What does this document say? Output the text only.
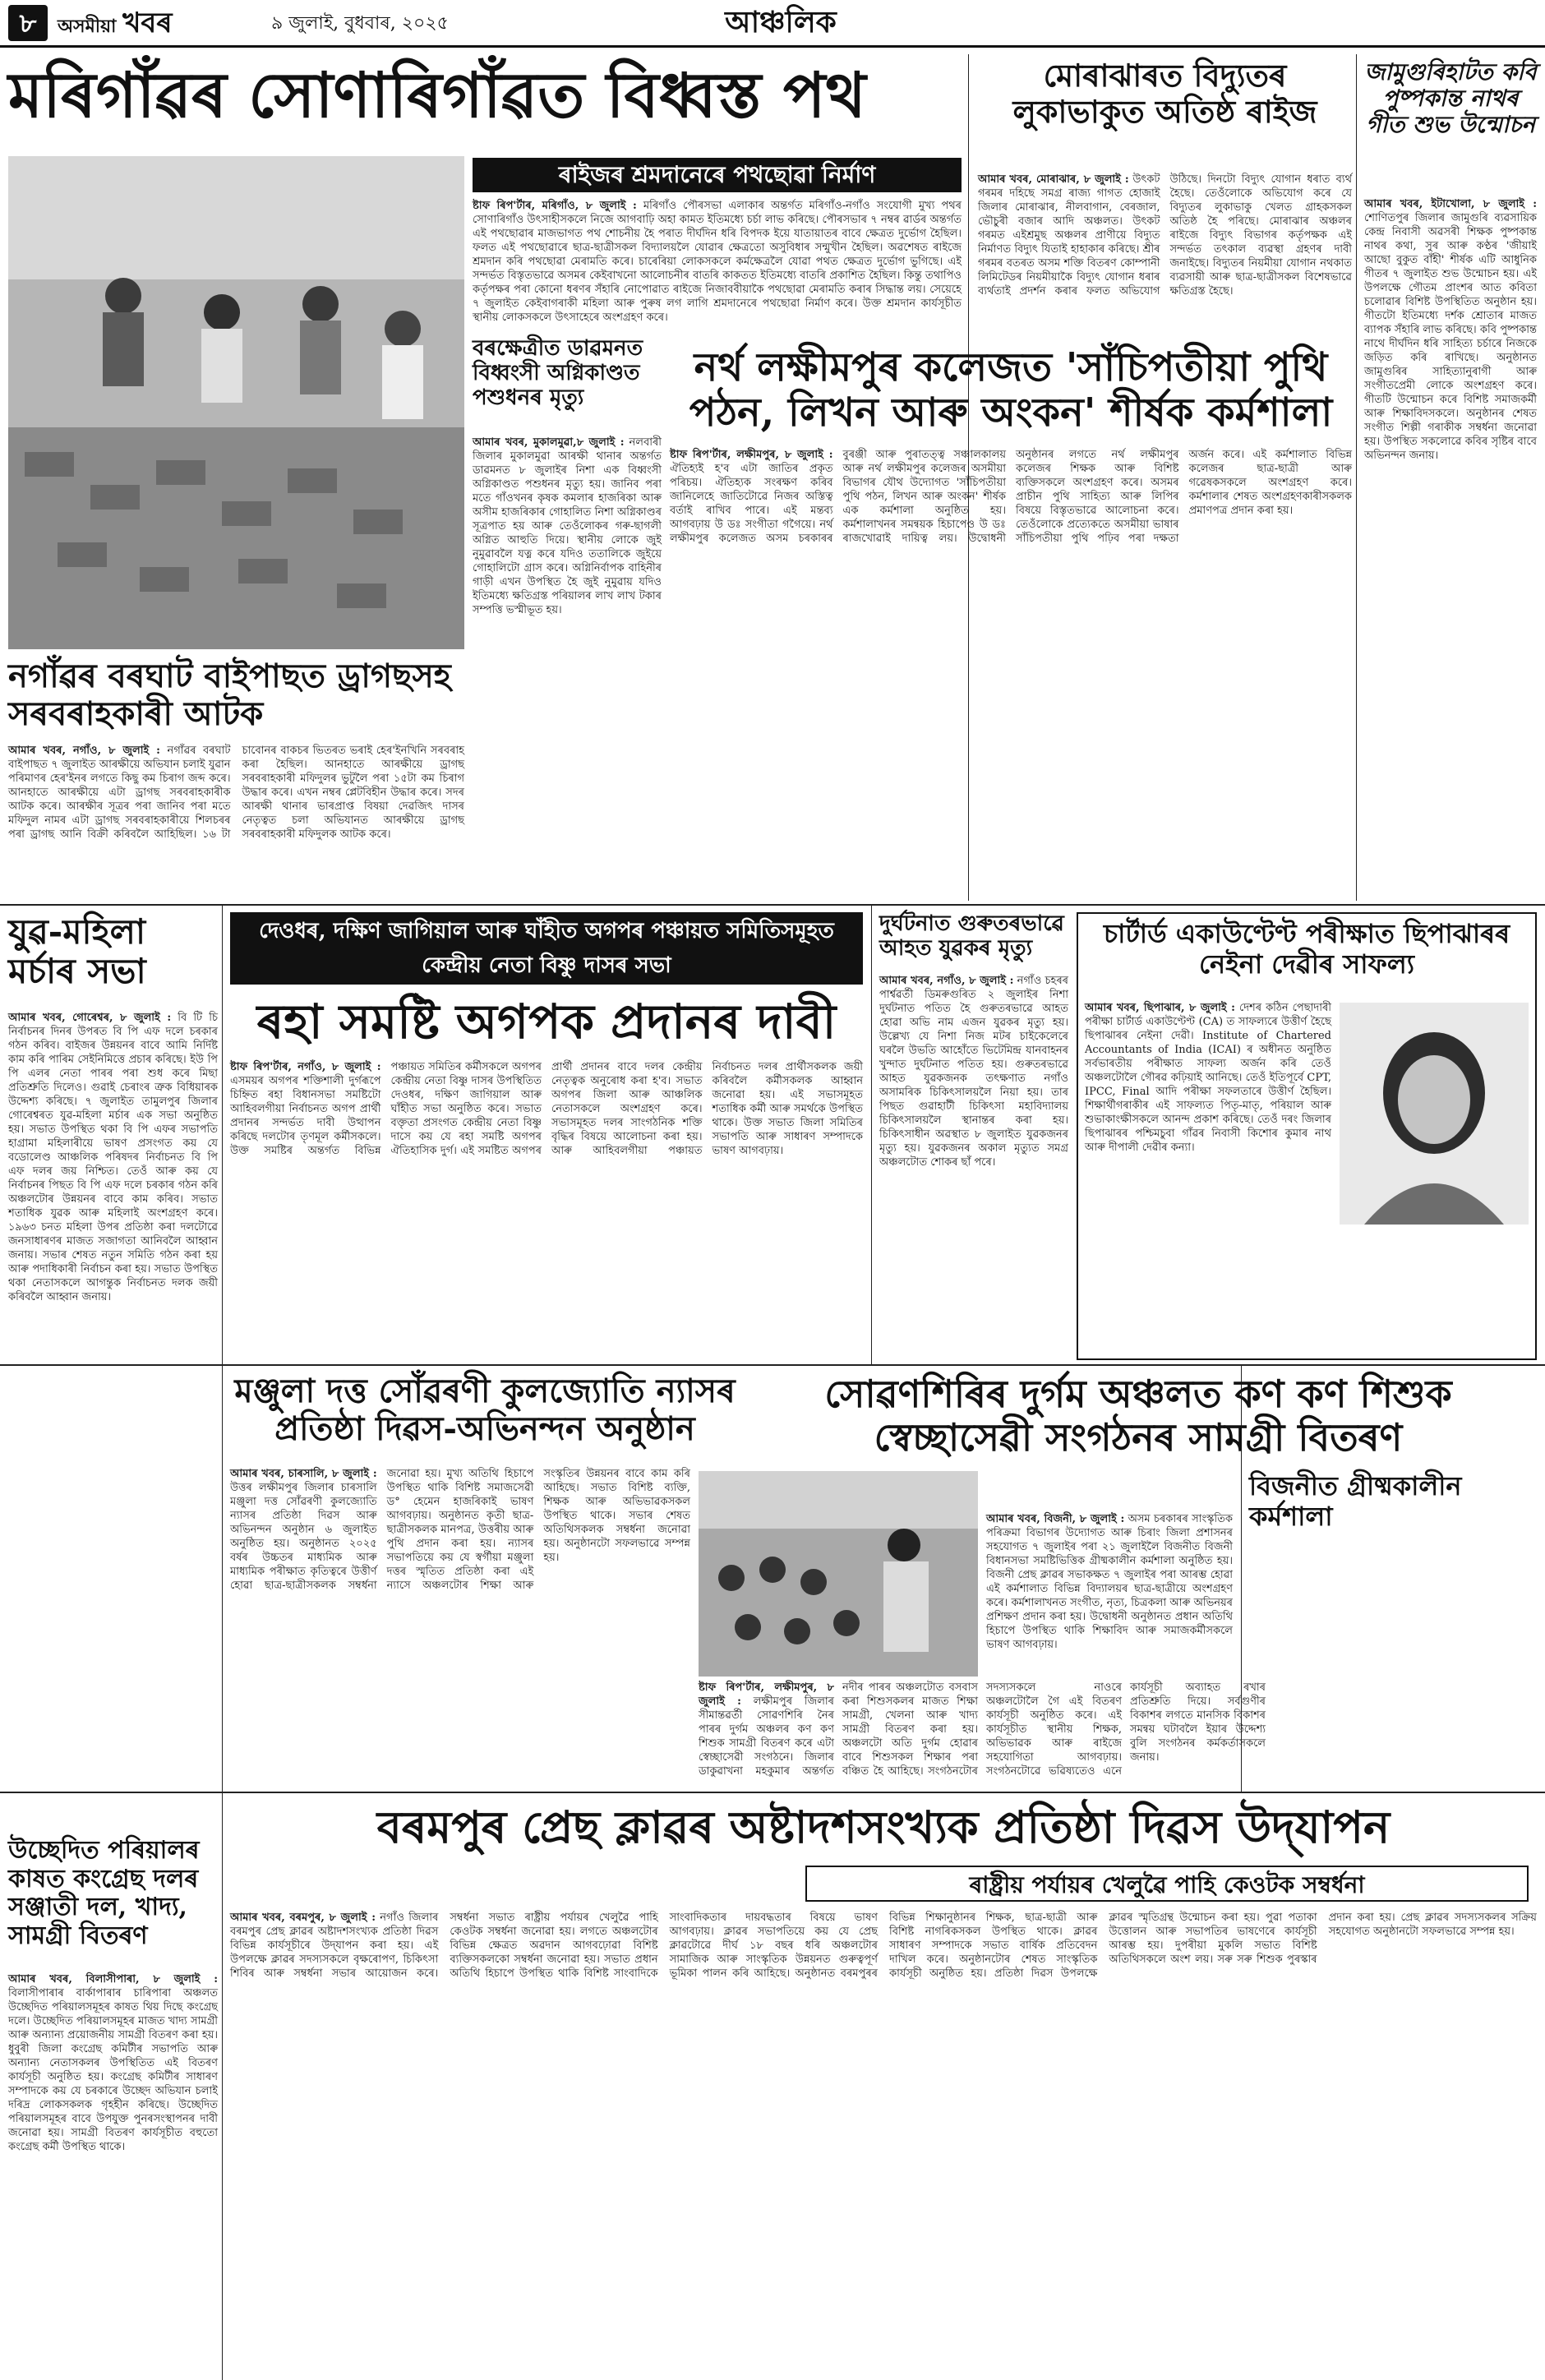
৮	অসমীয়া খবৰ	৯ জুলাই, বুধবাৰ, ২০২৫	আঞ্চলিক
মৰিগাঁৱৰ সোণাৰিগাঁৱত বিধ্বস্ত পথ
ৰাইজৰ শ্ৰমদানেৰে পথছোৱা নিৰ্মাণ
ষ্টাফ ৰিপ'ৰ্টাৰ, মৰিগাঁও, ৮ জুলাই : মৰিগাঁও পৌৰসভা এলাকাৰ অন্তৰ্গত মৰিগাঁও-নগাঁও সংযোগী মুখ্য পথৰ সোণাৰিগাঁও উৎসাহীসকলে নিজে আগবাঢ়ি অহা কামত ইতিমধ্যে চৰ্চা লাভ কৰিছে। পৌৰসভাৰ ৭ নম্বৰ ৱাৰ্ডৰ অন্তৰ্গত এই পথছোৱাৰ মাজভাগত পথ শোচনীয় হৈ পৰাত দীৰ্ঘদিন ধৰি বিপদক ইয়ে যাতায়াতৰ বাবে ক্ষেত্ৰত দুৰ্ভোগ হৈছিল। ফলত এই পথছোৱাৰে ছাত্ৰ-ছাত্ৰীসকল বিদ্যালয়লৈ যোৱাৰ ক্ষেত্ৰতো অসুবিধাৰ সন্মুখীন হৈছিল। অৱশেষত ৰাইজে শ্ৰমদান কৰি পথছোৱা মেৰামতি কৰে। চাৰেৰিয়া লোকসকলে কৰ্মক্ষেত্ৰলৈ যোৱা পথত ক্ষেত্ৰত দুৰ্ভোগ ভুগিছে। এই সন্দৰ্ভত বিস্তৃতভাৱে অসমৰ কেইবাখনো আলোচনীৰ বাতৰি কাকতত ইতিমধ্যে বাতৰি প্ৰকাশিত হৈছিল। কিন্তু তথাপিও কৰ্তৃপক্ষৰ পৰা কোনো ধৰণৰ সঁহাৰি নোপোৱাত ৰাইজে নিজাববীয়াকৈ পথছোৱা মেৰামতি কৰাৰ সিদ্ধান্ত লয়। সেয়েহে ৭ জুলাইত কেইবাগৰাকী মহিলা আৰু পুৰুষ লগ লাগি শ্ৰমদানেৰে পথছোৱা নিৰ্মাণ কৰে। উক্ত শ্ৰমদান কাৰ্যসূচীত স্থানীয় লোকসকলে উৎসাহেৰে অংশগ্ৰহণ কৰে।
বৰক্ষেত্ৰীত ডাৱমনত বিধ্বংসী অগ্নিকাণ্ডত পশুধনৰ মৃত্যু
আমাৰ খবৰ, মুকালমুৱা,৮ জুলাই : নলবাৰী জিলাৰ মুকালমুৱা আৰক্ষী থানাৰ অন্তৰ্গত ডাৱমনত ৮ জুলাইৰ নিশা এক বিধ্বংসী অগ্নিকাণ্ডত পশুধনৰ মৃত্যু হয়। জানিব পৰা মতে গাঁওখনৰ কৃষক কমলাৰ হাজৰিকা আৰু অসীম হাজৰিকাৰ গোহালিত নিশা অগ্নিকাণ্ডৰ সূত্ৰপাত হয় আৰু তেওঁলোকৰ গৰু-ছাগলী অগ্নিত আহুতি দিয়ে। স্থানীয় লোকে জুই নুমুৱাবলৈ যত্ন কৰে যদিও ততালিকে জুইয়ে গোহালিটো গ্ৰাস কৰে। অগ্নিনিৰ্বাপক বাহিনীৰ গাড়ী এখন উপস্থিত হৈ জুই নুমুৱায় যদিও ইতিমধ্যে ক্ষতিগ্ৰস্ত পৰিয়ালৰ লাখ লাখ টকাৰ সম্পত্তি ভস্মীভূত হয়।
নগাঁৱৰ বৰঘাট বাইপাছত ড্ৰাগছসহ সৰবৰাহকাৰী আটক
আমাৰ খবৰ, নগাঁও, ৮ জুলাই : নগাঁৱৰ বৰঘাট বাইপাছত ৭ জুলাইত আৰক্ষীয়ে অভিযান চলাই যুৱান পৰিমাণৰ হেৰ'ইনৰ লগতে কিছু কম চিৰাগ জব্দ কৰে। আনহাতে আৰক্ষীয়ে এটা ড্ৰাগছ সৰবৰাহকাৰীক আটক কৰে। আৰক্ষীৰ সূত্ৰৰ পৰা জানিব পৰা মতে মফিদুল নামৰ এটা ড্ৰাগছ সৰবৰাহকাৰীয়ে শিলচৰৰ পৰা ড্ৰাগছ আনি বিক্ৰী কৰিবলৈ আহিছিল। ১৬ টা চাবোনৰ বাকচৰ ভিতৰত ভৰাই হেৰ'ইনখিনি সৰবৰাহ কৰা হৈছিল। আনহাতে আৰক্ষীয়ে ড্ৰাগছ সৰবৰাহকাৰী মফিদুলৰ ভুটুলৈ পৰা ১৫টা কম চিৰাগ উদ্ধাৰ কৰে। এখন নম্বৰ প্লেটবিহীন উদ্ধাৰ কৰে। সদৰ আৰক্ষী থানাৰ ভাৰপ্ৰাপ্ত বিষয়া দেৱজিৎ দাসৰ নেতৃত্বত চলা অভিযানত আৰক্ষীয়ে ড্ৰাগছ সৰবৰাহকাৰী মফিদুলক আটক কৰে।
মোৰাঝাৰত বিদ্যুতৰ লুকাভাকুত অতিষ্ঠ ৰাইজ
আমাৰ খবৰ, মোৰাঝাৰ, ৮ জুলাই : উৎকট গৰমৰ দহিছে সমগ্ৰ ৰাজ্য গাগত হোজাই জিলাৰ মোৰাঝাৰ, নীলবাগান, বেৰজাল, ভৌচুৰী বজাৰ আদি অঞ্চলত। উৎকট গৰমত এইশ্ৰমুছ অঞ্চলৰ প্ৰাণীয়ে বিদ্যুত নিৰ্মাণত বিদ্যুৎ যিতাই হাহাকাৰ কৰিছে। শ্ৰীৰ গৰমৰ বতৰত অসম শক্তি বিতৰণ কোম্পানী লিমিটেডৰ নিয়মীয়াকৈ বিদ্যুৎ যোগান ধৰাৰ ব্যৰ্থতাই প্ৰদৰ্শন কৰাৰ ফলত অভিযোগ উঠিছে। দিনটো বিদ্যুৎ যোগান ধৰাত ব্যৰ্থ হৈছে। তেওঁলোকে অভিযোগ কৰে যে বিদ্যুতৰ লুকাভাকু খেলত গ্ৰাহকসকল অতিষ্ঠ হৈ পৰিছে। মোৰাঝাৰ অঞ্চলৰ ৰাইজে বিদ্যুৎ বিভাগৰ কৰ্তৃপক্ষক এই সন্দৰ্ভত তৎকাল ব্যৱস্থা গ্ৰহণৰ দাবী জনাইছে। বিদ্যুতৰ নিয়মীয়া যোগান নথকাত ব্যৱসায়ী আৰু ছাত্ৰ-ছাত্ৰীসকল বিশেষভাৱে ক্ষতিগ্ৰস্ত হৈছে।
জামুগুৰিহাটত কবি পুষ্পকান্ত নাথৰ গীত শুভ উন্মোচন
আমাৰ খবৰ, ইটাখোলা, ৮ জুলাই : শোণিতপুৰ জিলাৰ জামুগুৰি ব্যৱসায়িক কেন্দ্ৰ নিবাসী অৱসৰী শিক্ষক পুষ্পকান্ত নাথৰ কথা, সুৰ আৰু কণ্ঠৰ 'জীয়াই আছো বুকুত বাঁহী' শীৰ্ষক এটি আধুনিক গীতৰ ৭ জুলাইত শুভ উন্মোচন হয়। এই উপলক্ষে গৌতম প্ৰাংশৰ আত কবিতা চলোৱাৰ বিশিষ্ট উপস্থিতিত অনুষ্ঠান হয়। গীতটো ইতিমধ্যে দৰ্শক শ্ৰোতাৰ মাজত ব্যাপক সঁহাৰি লাভ কৰিছে। কবি পুষ্পকান্ত নাথে দীৰ্ঘদিন ধৰি সাহিত্য চৰ্চাৰে নিজকে জড়িত কৰি ৰাখিছে। অনুষ্ঠানত জামুগুৰিৰ সাহিত্যানুৰাগী আৰু সংগীতপ্ৰেমী লোকে অংশগ্ৰহণ কৰে। গীতটি উন্মোচন কৰে বিশিষ্ট সমাজকৰ্মী আৰু শিক্ষাবিদসকলে। অনুষ্ঠানৰ শেষত সংগীত শিল্পী গৰাকীক সম্বৰ্ধনা জনোৱা হয়। উপস্থিত সকলোৱে কবিৰ সৃষ্টিৰ বাবে অভিনন্দন জনায়।
নৰ্থ লক্ষীমপুৰ কলেজত 'সাঁচিপতীয়া পুথি পঠন, লিখন আৰু অংকন' শীৰ্ষক কৰ্মশালা
ষ্টাফ ৰিপ'ৰ্টাৰ, লক্ষীমপুৰ, ৮ জুলাই : ঐতিহ্যই হ'ব এটা জাতিৰ প্ৰকৃত পৰিচয়। ঐতিহ্যক সংৰক্ষণ কৰিব জানিলেহে জাতিটোৱে নিজৰ অস্তিত্ব বৰ্তাই ৰাখিব পাৰে। এই মন্তব্য আগবঢ়ায় উ ডঃ সংগীতা গগৈয়ে। নৰ্থ লক্ষীমপুৰ কলেজত অসম চৰকাৰৰ বুৰঞ্জী আৰু পুৰাতত্ত্ব সঞ্চালকালয় আৰু নৰ্থ লক্ষীমপুৰ কলেজৰ অসমীয়া বিভাগৰ যৌথ উদ্যোগত 'সাঁচিপতীয়া পুথি পঠন, লিখন আৰু অংকন' শীৰ্ষক এক কৰ্মশালা অনুষ্ঠিত হয়। কৰ্মশালাখনৰ সমন্বয়ক হিচাপেও উ ডঃ ৰাজখোৱাই দায়িত্ব লয়। উদ্বোধনী অনুষ্ঠানৰ লগতে নৰ্থ লক্ষীমপুৰ কলেজৰ শিক্ষক আৰু বিশিষ্ট ব্যক্তিসকলে অংশগ্ৰহণ কৰে। অসমৰ প্ৰাচীন পুথি সাহিত্য আৰু লিপিৰ বিষয়ে বিস্তৃতভাৱে আলোচনা কৰে। তেওঁলোকে প্ৰত্যেকতে অসমীয়া ভাষাৰ সাঁচিপতীয়া পুথি পঢ়িব পৰা দক্ষতা অৰ্জন কৰে। এই কৰ্মশালাত বিভিন্ন কলেজৰ ছাত্ৰ-ছাত্ৰী আৰু গৱেষকসকলে অংশগ্ৰহণ কৰে। কৰ্মশালাৰ শেষত অংশগ্ৰহণকাৰীসকলক প্ৰমাণপত্ৰ প্ৰদান কৰা হয়।
যুৱ-মহিলা মৰ্চাৰ সভা
আমাৰ খবৰ, গোৰেশ্বৰ, ৮ জুলাই : বি টি চি নিৰ্বাচনৰ দিনৰ উপৰত বি পি এফ দলে চৰকাৰ গঠন কৰিব। বাইজৰ উন্নয়নৰ বাবে আমি নিৰ্দিষ্ট কাম কৰি পাৰিম সেইনিমিত্তে প্ৰচাৰ কৰিছে। ইউ পি পি এলৰ নেতা পাৰৰ পৰা শুধ কৰে মিছা প্ৰতিশ্ৰুতি দিলেও। গুৱাই চেৰাংৰ ত্ৰুক বিধিয়াৰক উদ্দেশ্য কৰিছে। ৭ জুলাইত তামুলপুৰ জিলাৰ গোৰেশ্বৰত যুৱ-মহিলা মৰ্চাৰ এক সভা অনুষ্ঠিত হয়। সভাত উপস্থিত থকা বি পি এফৰ সভাপতি হাগ্ৰামা মহিলাৰীয়ে ভাষণ প্ৰসংগত কয় যে বডোলেণ্ড আঞ্চলিক পৰিষদৰ নিৰ্বাচনত বি পি এফ দলৰ জয় নিশ্চিত। তেওঁ আৰু কয় যে নিৰ্বাচনৰ পিছত বি পি এফ দলে চৰকাৰ গঠন কৰি অঞ্চলটোৰ উন্নয়নৰ বাবে কাম কৰিব। সভাত শতাধিক যুৱক আৰু মহিলাই অংশগ্ৰহণ কৰে। ১৯৬৩ চনত মহিলা উপৰ প্ৰতিষ্ঠা কৰা দলটোৱে জনসাধাৰণৰ মাজত সজাগতা আনিবলৈ আহ্বান জনায়। সভাৰ শেষত নতুন সমিতি গঠন কৰা হয় আৰু পদাধিকাৰী নিৰ্বাচন কৰা হয়। সভাত উপস্থিত থকা নেতাসকলে আগন্তুক নিৰ্বাচনত দলক জয়ী কৰিবলৈ আহ্বান জনায়।
দেওধৰ, দক্ষিণ জাগিয়াল আৰু ঘাঁহীত অগপৰ পঞ্চায়ত সমিতিসমূহত কেন্দ্ৰীয় নেতা বিষ্ণু দাসৰ সভা
ৰহা সমষ্টি অগপক প্ৰদানৰ দাবী
ষ্টাফ ৰিপ'ৰ্টাৰ, নগাঁও, ৮ জুলাই : এসময়ৰ অগপৰ শক্তিশালী দুৰ্গৰূপে চিহ্নিত ৰহা বিধানসভা সমষ্টিটো আহিবলগীয়া নিৰ্বাচনত অগপ প্ৰাৰ্থী প্ৰদানৰ সন্দৰ্ভত দাবী উত্থাপন কৰিছে দলটোৰ তৃণমূল কৰ্মীসকলে। উক্ত সমষ্টিৰ অন্তৰ্গত বিভিন্ন পঞ্চায়ত সমিতিৰ কৰ্মীসকলে অগপৰ কেন্দ্ৰীয় নেতা বিষ্ণু দাসৰ উপস্থিতিত দেওধৰ, দক্ষিণ জাগিয়াল আৰু ঘাঁহীত সভা অনুষ্ঠিত কৰে। সভাত বক্তৃতা প্ৰসংগত কেন্দ্ৰীয় নেতা বিষ্ণু দাসে কয় যে ৰহা সমষ্টি অগপৰ ঐতিহাসিক দুৰ্গ। এই সমষ্টিত অগপৰ প্ৰাৰ্থী প্ৰদানৰ বাবে দলৰ কেন্দ্ৰীয় নেতৃত্বক অনুৰোধ কৰা হ'ব। সভাত অগপৰ জিলা আৰু আঞ্চলিক নেতাসকলে অংশগ্ৰহণ কৰে। সভাসমূহত দলৰ সাংগঠনিক শক্তি বৃদ্ধিৰ বিষয়ে আলোচনা কৰা হয়। আৰু আহিবলগীয়া পঞ্চায়ত নিৰ্বাচনত দলৰ প্ৰাৰ্থীসকলক জয়ী কৰিবলৈ কৰ্মীসকলক আহ্বান জনোৱা হয়। এই সভাসমূহত শতাধিক কৰ্মী আৰু সমৰ্থকে উপস্থিত থাকে। উক্ত সভাত জিলা সমিতিৰ সভাপতি আৰু সাধাৰণ সম্পাদকে ভাষণ আগবঢ়ায়।
দুৰ্ঘটনাত গুৰুতৰভাৱে আহত যুৱকৰ মৃত্যু
আমাৰ খবৰ, নগাঁও, ৮ জুলাই : নগাঁও চহৰৰ পাৰ্শ্বৱৰ্তী ডিমৰুগুৰিত ২ জুলাইৰ নিশা দুৰ্ঘটনাত পতিত হৈ গুৰুতৰভাৱে আহত হোৱা অভি নাম এজন যুৱকৰ মৃত্যু হয়। উল্লেখ্য যে নিশা নিজ মটৰ চাইকেলেৰে ঘৰলৈ উভতি আহোঁতে ভিটেমিন্দ্ৰ যানবাহনৰ খুন্দাত দুৰ্ঘটনাত পতিত হয়। গুৰুতৰভাৱে আহত যুৱকজনক তৎক্ষণাত নগাঁও অসামৰিক চিকিৎসালয়লৈ নিয়া হয়। তাৰ পিছত গুৱাহাটী চিকিৎসা মহাবিদ্যালয় চিকিৎসালয়লৈ স্থানান্তৰ কৰা হয়। চিকিৎসাধীন অৱস্থাত ৮ জুলাইত যুৱকজনৰ মৃত্যু হয়। যুৱকজনৰ অকাল মৃত্যুত সমগ্ৰ অঞ্চলটোত শোকৰ ছাঁ পৰে।
চাৰ্টাৰ্ড একাউণ্টেণ্ট পৰীক্ষাত ছিপাঝাৰৰ নেইনা দেৱীৰ সাফল্য
আমাৰ খবৰ, ছিপাঝাৰ, ৮ জুলাই : দেশৰ কঠিন পেছাদাৰী পৰীক্ষা চাৰ্টাৰ্ড একাউণ্টেণ্ট (CA) ত সাফল্যৰে উত্তীৰ্ণ হৈছে ছিপাঝাৰৰ নেইনা দেৱী। Institute of Chartered Accountants of India (ICAI) ৰ অধীনত অনুষ্ঠিত সৰ্বভাৰতীয় পৰীক্ষাত সাফল্য অৰ্জন কৰি তেওঁ অঞ্চলটোলৈ গৌৰৱ কঢ়িয়াই আনিছে। তেওঁ ইতিপূৰ্বে CPT, IPCC, Final আদি পৰীক্ষা সফলতাৰে উত্তীৰ্ণ হৈছিল। শিক্ষাৰ্থীগৰাকীৰ এই সাফল্যত পিতৃ-মাতৃ, পৰিয়াল আৰু শুভাকাংক্ষীসকলে আনন্দ প্ৰকাশ কৰিছে। তেওঁ দৰং জিলাৰ ছিপাঝাৰৰ পশ্চিমচুবা গাঁৱৰ নিবাসী কিশোৰ কুমাৰ নাথ আৰু দীপালী দেৱীৰ কন্যা।
মঞ্জুলা দত্ত সোঁৱৰণী কুলজ্যোতি ন্যাসৰ প্ৰতিষ্ঠা দিৱস-অভিনন্দন অনুষ্ঠান
আমাৰ খবৰ, চাৰসালি, ৮ জুলাই : উত্তৰ লক্ষীমপুৰ জিলাৰ চাৰসালি মঞ্জুলা দত্ত সোঁৱৰণী কুলজ্যোতি ন্যাসৰ প্ৰতিষ্ঠা দিৱস আৰু অভিনন্দন অনুষ্ঠান ৬ জুলাইত অনুষ্ঠিত হয়। অনুষ্ঠানত ২০২৫ বৰ্ষৰ উচ্চতৰ মাধ্যমিক আৰু মাধ্যমিক পৰীক্ষাত কৃতিত্বৰে উত্তীৰ্ণ হোৱা ছাত্ৰ-ছাত্ৰীসকলক সম্বৰ্ধনা জনোৱা হয়। মুখ্য অতিথি হিচাপে উপস্থিত থাকি বিশিষ্ট সমাজসেৱী ড° হেমেন হাজৰিকাই ভাষণ আগবঢ়ায়। অনুষ্ঠানত কৃতী ছাত্ৰ-ছাত্ৰীসকলক মানপত্ৰ, উত্তৰীয় আৰু পুথি প্ৰদান কৰা হয়। ন্যাসৰ সভাপতিয়ে কয় যে স্বৰ্গীয়া মঞ্জুলা দত্তৰ স্মৃতিত প্ৰতিষ্ঠা কৰা এই ন্যাসে অঞ্চলটোৰ শিক্ষা আৰু সংস্কৃতিৰ উন্নয়নৰ বাবে কাম কৰি আহিছে। সভাত বিশিষ্ট ব্যক্তি, শিক্ষক আৰু অভিভাৱকসকল উপস্থিত থাকে। সভাৰ শেষত অতিথিসকলক সম্বৰ্ধনা জনোৱা হয়। অনুষ্ঠানটো সফলভাৱে সম্পন্ন হয়।
সোৱণশিৰিৰ দুৰ্গম অঞ্চলত কণ কণ শিশুক স্বেচ্ছাসেৱী সংগঠনৰ সামগ্ৰী বিতৰণ
ষ্টাফ ৰিপ'ৰ্টাৰ, লক্ষীমপুৰ, ৮ জুলাই : লক্ষীমপুৰ জিলাৰ সীমান্তৱৰ্তী সোৱণশিৰি নৈৰ পাৰৰ দুৰ্গম অঞ্চলৰ কণ কণ শিশুক সামগ্ৰী বিতৰণ কৰে এটা স্বেচ্ছাসেৱী সংগঠনে। জিলাৰ ডাকুৱাখনা মহকুমাৰ অন্তৰ্গত নদীৰ পাৰৰ অঞ্চলটোত বসবাস কৰা শিশুসকলৰ মাজত শিক্ষা সামগ্ৰী, খেলনা আৰু খাদ্য সামগ্ৰী বিতৰণ কৰা হয়। অঞ্চলটো অতি দুৰ্গম হোৱাৰ বাবে শিশুসকল শিক্ষাৰ পৰা বঞ্চিত হৈ আহিছে। সংগঠনটোৰ সদস্যসকলে নাওৰে অঞ্চলটোলৈ গৈ এই বিতৰণ কাৰ্যসূচী অনুষ্ঠিত কৰে। এই কাৰ্যসূচীত স্থানীয় শিক্ষক, অভিভাৱক আৰু ৰাইজে সহযোগিতা আগবঢ়ায়। সংগঠনটোৱে ভৱিষ্যতেও এনে কাৰ্যসূচী অব্যাহত ৰখাৰ প্ৰতিশ্ৰুতি দিয়ে। সৰ্বগুণীৰ বিকাশৰ লগতে মানসিক বিকাশৰ সমন্বয় ঘটাবলৈ ইয়াৰ উদ্দেশ্য বুলি সংগঠনৰ কৰ্মকৰ্তাসকলে জনায়।
বিজনীত গ্ৰীষ্মকালীন কৰ্মশালা
আমাৰ খবৰ, বিজনী, ৮ জুলাই : অসম চৰকাৰৰ সাংস্কৃতিক পৰিক্ৰমা বিভাগৰ উদ্যোগত আৰু চিৰাং জিলা প্ৰশাসনৰ সহযোগত ৭ জুলাইৰ পৰা ২১ জুলাইলৈ বিজনীত বিজনী বিধানসভা সমষ্টিভিত্তিক গ্ৰীষ্মকালীন কৰ্মশালা অনুষ্ঠিত হয়। বিজনী প্ৰেছ ক্লাৱৰ সভাকক্ষত ৭ জুলাইৰ পৰা আৰম্ভ হোৱা এই কৰ্মশালাত বিভিন্ন বিদ্যালয়ৰ ছাত্ৰ-ছাত্ৰীয়ে অংশগ্ৰহণ কৰে। কৰ্মশালাখনত সংগীত, নৃত্য, চিত্ৰকলা আৰু অভিনয়ৰ প্ৰশিক্ষণ প্ৰদান কৰা হয়। উদ্বোধনী অনুষ্ঠানত প্ৰধান অতিথি হিচাপে উপস্থিত থাকি শিক্ষাবিদ আৰু সমাজকৰ্মীসকলে ভাষণ আগবঢ়ায়।
উচ্ছেদিত পৰিয়ালৰ কাষত কংগ্ৰেছ দলৰ সঞ্জাতী দল, খাদ্য, সামগ্ৰী বিতৰণ
আমাৰ খবৰ, বিলাসীপাৰা, ৮ জুলাই : বিলাসীপাৰাৰ বাৰ্কাপাৰাৰ চাৰিপাৰা অঞ্চলত উচ্ছেদিত পৰিয়ালসমূহৰ কাষত থিয় দিছে কংগ্ৰেছ দলে। উচ্ছেদিত পৰিয়ালসমূহৰ মাজত খাদ্য সামগ্ৰী আৰু অন্যান্য প্ৰয়োজনীয় সামগ্ৰী বিতৰণ কৰা হয়। ধুবুৰী জিলা কংগ্ৰেছ কমিটীৰ সভাপতি আৰু অন্যান্য নেতাসকলৰ উপস্থিতিত এই বিতৰণ কাৰ্যসূচী অনুষ্ঠিত হয়। কংগ্ৰেছ কমিটীৰ সাধাৰণ সম্পাদকে কয় যে চৰকাৰে উচ্ছেদ অভিযান চলাই দৰিদ্ৰ লোকসকলক গৃহহীন কৰিছে। উচ্ছেদিত পৰিয়ালসমূহৰ বাবে উপযুক্ত পুনৰসংস্থাপনৰ দাবী জনোৱা হয়। সামগ্ৰী বিতৰণ কাৰ্যসূচীত বহুতো কংগ্ৰেছ কৰ্মী উপস্থিত থাকে।
বৰমপুৰ প্ৰেছ ক্লাৱৰ অষ্টাদশসংখ্যক প্ৰতিষ্ঠা দিৱস উদ্‌যাপন
ৰাষ্ট্ৰীয় পৰ্যায়ৰ খেলুৱৈ পাহি কেওটক সম্বৰ্ধনা
আমাৰ খবৰ, বৰমপুৰ, ৮ জুলাই : নগাঁও জিলাৰ বৰমপুৰ প্ৰেছ ক্লাৱৰ অষ্টাদশসংখ্যক প্ৰতিষ্ঠা দিৱস বিভিন্ন কাৰ্যসূচীৰে উদ্‌যাপন কৰা হয়। এই উপলক্ষে ক্লাৱৰ সদস্যসকলে বৃক্ষৰোপণ, চিকিৎসা শিবিৰ আৰু সম্বৰ্ধনা সভাৰ আয়োজন কৰে। সম্বৰ্ধনা সভাত ৰাষ্ট্ৰীয় পৰ্যায়ৰ খেলুৱৈ পাহি কেওটক সম্বৰ্ধনা জনোৱা হয়। লগতে অঞ্চলটোৰ বিভিন্ন ক্ষেত্ৰত অৱদান আগবঢ়োৱা বিশিষ্ট ব্যক্তিসকলকো সম্বৰ্ধনা জনোৱা হয়। সভাত প্ৰধান অতিথি হিচাপে উপস্থিত থাকি বিশিষ্ট সাংবাদিকে সাংবাদিকতাৰ দায়বদ্ধতাৰ বিষয়ে ভাষণ আগবঢ়ায়। ক্লাৱৰ সভাপতিয়ে কয় যে প্ৰেছ ক্লাৱটোৱে দীৰ্ঘ ১৮ বছৰ ধৰি অঞ্চলটোৰ সামাজিক আৰু সাংস্কৃতিক উন্নয়নত গুৰুত্বপূৰ্ণ ভূমিকা পালন কৰি আহিছে। অনুষ্ঠানত বৰমপুৰৰ বিভিন্ন শিক্ষানুষ্ঠানৰ শিক্ষক, ছাত্ৰ-ছাত্ৰী আৰু বিশিষ্ট নাগৰিকসকল উপস্থিত থাকে। ক্লাৱৰ সাধাৰণ সম্পাদকে সভাত বাৰ্ষিক প্ৰতিবেদন দাখিল কৰে। অনুষ্ঠানটোৰ শেষত সাংস্কৃতিক কাৰ্যসূচী অনুষ্ঠিত হয়। প্ৰতিষ্ঠা দিৱস উপলক্ষে ক্লাৱৰ স্মৃতিগ্ৰন্থ উন্মোচন কৰা হয়। পুৱা পতাকা উত্তোলন আৰু সভাপতিৰ ভাষণেৰে কাৰ্যসূচী আৰম্ভ হয়। দুপৰীয়া মুকলি সভাত বিশিষ্ট অতিথিসকলে অংশ লয়। সৰু সৰু শিশুক পুৰস্কাৰ প্ৰদান কৰা হয়। প্ৰেছ ক্লাৱৰ সদস্যসকলৰ সক্ৰিয় সহযোগত অনুষ্ঠানটো সফলভাৱে সম্পন্ন হয়।
